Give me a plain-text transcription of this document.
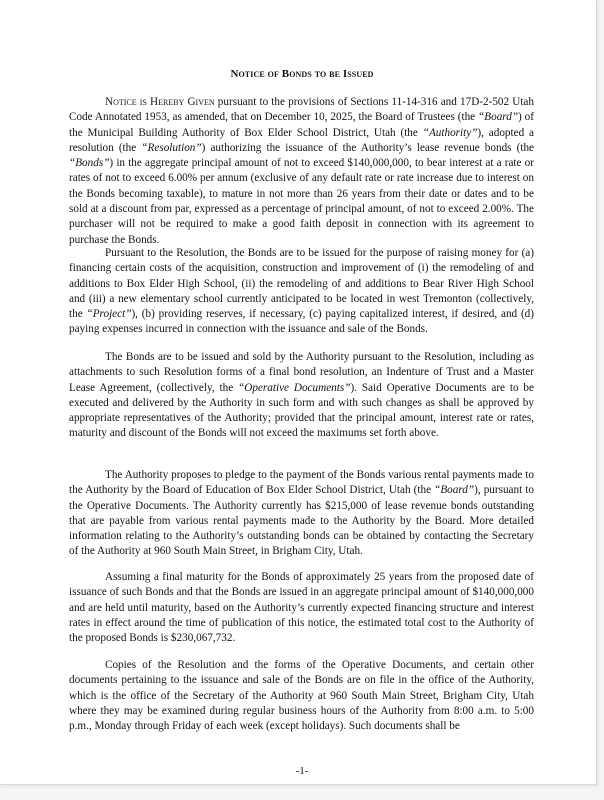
Notice of Bonds to be Issued

Notice is Hereby Given pursuant to the provisions of Sections 11-14-316 and 17D-2-502 Utah Code Annotated 1953, as amended, that on December 10, 2025, the Board of Trustees (the “Board”) of the Municipal Building Authority of Box Elder School District, Utah (the “Authority”), adopted a resolution (the “Resolution”) authorizing the issuance of the Authority’s lease revenue bonds (the “Bonds”) in the aggregate principal amount of not to exceed $140,000,000, to bear interest at a rate or rates of not to exceed 6.00% per annum (exclusive of any default rate or rate increase due to interest on the Bonds becoming taxable), to mature in not more than 26 years from their date or dates and to be sold at a discount from par, expressed as a percentage of principal amount, of not to exceed 2.00%. The purchaser will not be required to make a good faith deposit in connection with its agreement to purchase the Bonds.

Pursuant to the Resolution, the Bonds are to be issued for the purpose of raising money for (a) financing certain costs of the acquisition, construction and improvement of (i) the remodeling of and additions to Box Elder High School, (ii) the remodeling of and additions to Bear River High School and (iii) a new elementary school currently anticipated to be located in west Tremonton (collectively, the “Project”), (b) providing reserves, if necessary, (c) paying capitalized interest, if desired, and (d) paying expenses incurred in connection with the issuance and sale of the Bonds.

The Bonds are to be issued and sold by the Authority pursuant to the Resolution, including as attachments to such Resolution forms of a final bond resolution, an Indenture of Trust and a Master Lease Agreement, (collectively, the “Operative Documents”). Said Operative Documents are to be executed and delivered by the Authority in such form and with such changes as shall be approved by appropriate representatives of the Authority; provided that the principal amount, interest rate or rates, maturity and discount of the Bonds will not exceed the maximums set forth above.

The Authority proposes to pledge to the payment of the Bonds various rental payments made to the Authority by the Board of Education of Box Elder School District, Utah (the “Board”), pursuant to the Operative Documents. The Authority currently has $215,000 of lease revenue bonds outstanding that are payable from various rental payments made to the Authority by the Board. More detailed information relating to the Authority’s outstanding bonds can be obtained by contacting the Secretary of the Authority at 960 South Main Street, in Brigham City, Utah.

Assuming a final maturity for the Bonds of approximately 25 years from the proposed date of issuance of such Bonds and that the Bonds are issued in an aggregate principal amount of $140,000,000 and are held until maturity, based on the Authority’s currently expected financing structure and interest rates in effect around the time of publication of this notice, the estimated total cost to the Authority of the proposed Bonds is $230,067,732.

Copies of the Resolution and the forms of the Operative Documents, and certain other documents pertaining to the issuance and sale of the Bonds are on file in the office of the Authority, which is the office of the Secretary of the Authority at 960 South Main Street, Brigham City, Utah where they may be examined during regular business hours of the Authority from 8:00 a.m. to 5:00 p.m., Monday through Friday of each week (except holidays). Such documents shall be

-1-
